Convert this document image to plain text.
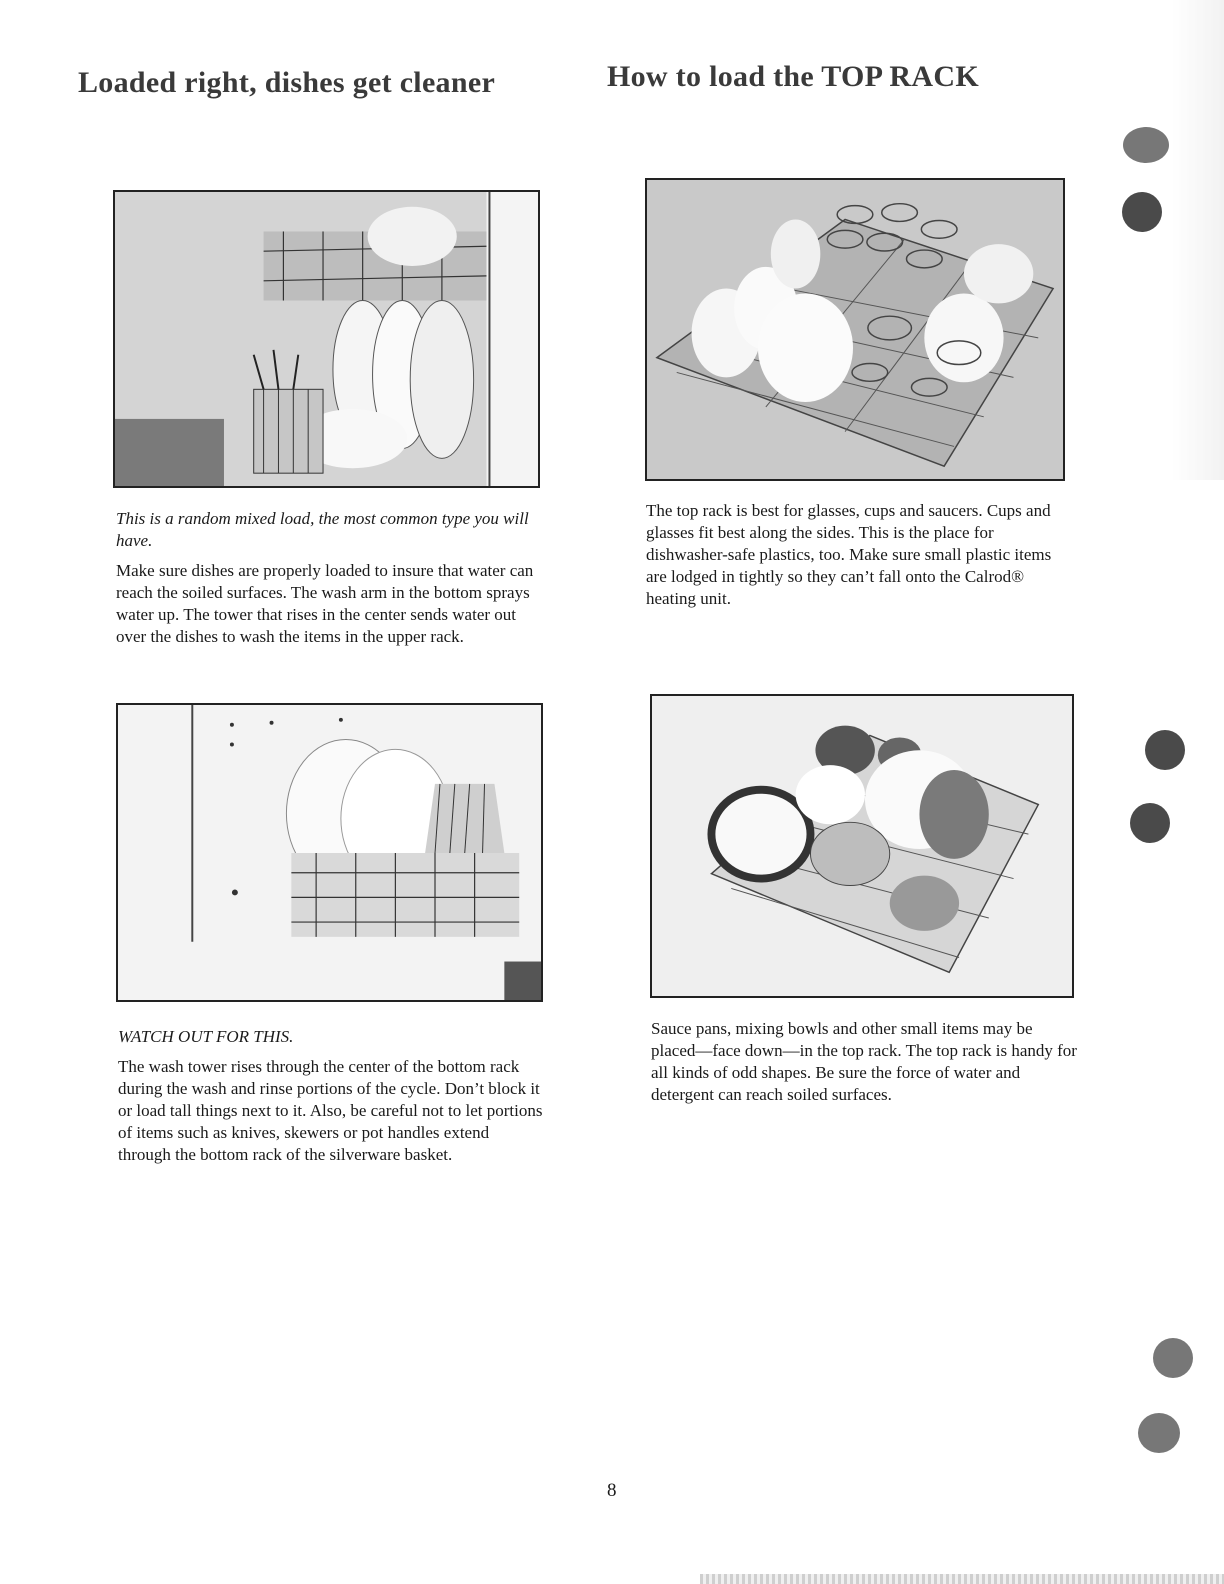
Loaded right, dishes get cleaner	How to load the TOP RACK

This is a random mixed load, the most common type you will have.

Make sure dishes are properly loaded to insure that water can reach the soiled surfaces. The wash arm in the bottom sprays water up. The tower that rises in the center sends water out over the dishes to wash the items in the upper rack.

The top rack is best for glasses, cups and saucers. Cups and glasses fit best along the sides. This is the place for dishwasher-safe plastics, too. Make sure small plastic items are lodged in tightly so they can’t fall onto the Calrod® heating unit.

WATCH OUT FOR THIS.

The wash tower rises through the center of the bottom rack during the wash and rinse portions of the cycle. Don’t block it or load tall things next to it. Also, be careful not to let portions of items such as knives, skewers or pot handles extend through the bottom rack of the silverware basket.

Sauce pans, mixing bowls and other small items may be placed—face down—in the top rack. The top rack is handy for all kinds of odd shapes. Be sure the force of water and detergent can reach soiled surfaces.

8
